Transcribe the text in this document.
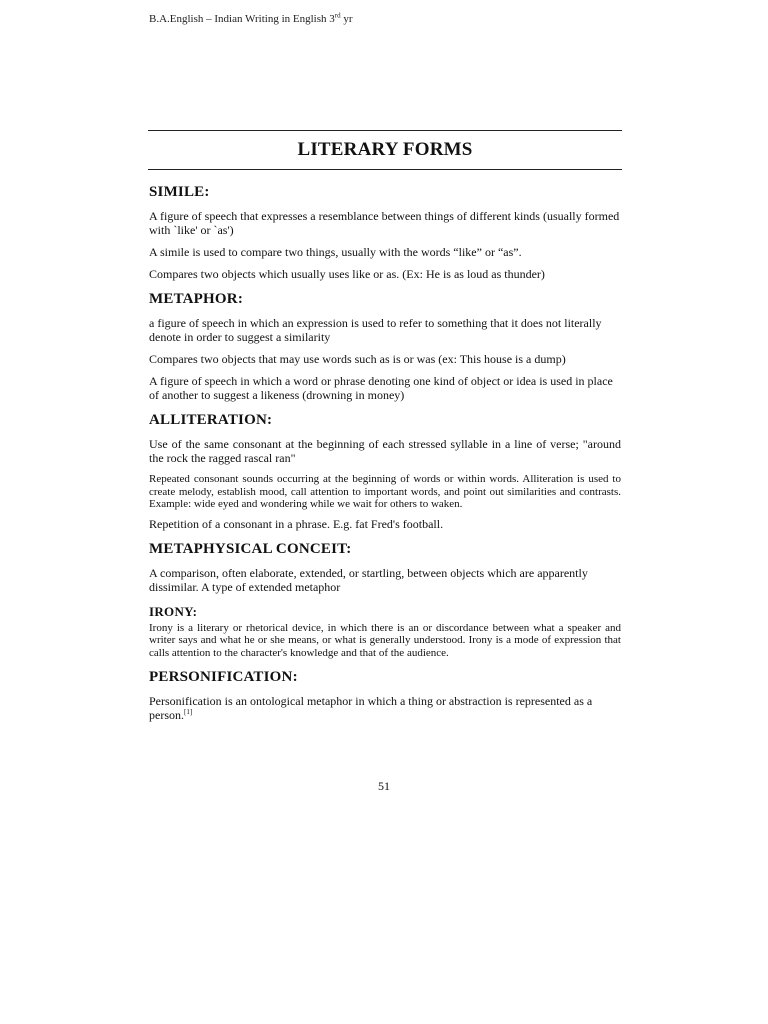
B.A.English – Indian Writing in English 3rd yr
LITERARY FORMS
SIMILE:

A figure of speech that expresses a resemblance between things of different kinds (usually formed with `like' or `as')

A simile is used to compare two things, usually with the words “like” or “as”.

Compares two objects which usually uses like or as. (Ex: He is as loud as thunder)

METAPHOR:

a figure of speech in which an expression is used to refer to something that it does not literally denote in order to suggest a similarity

Compares two objects that may use words such as is or was (ex: This house is a dump)

A figure of speech in which a word or phrase denoting one kind of object or idea is used in place of another to suggest a likeness (drowning in money)

ALLITERATION:

Use of the same consonant at the beginning of each stressed syllable in a line of verse; "around the rock the ragged rascal ran"

Repeated consonant sounds occurring at the beginning of words or within words. Alliteration is used to create melody, establish mood, call attention to important words, and point out similarities and contrasts. Example: wide eyed and wondering while we wait for others to waken.

Repetition of a consonant in a phrase. E.g. fat Fred's football.

METAPHYSICAL CONCEIT:

A comparison, often elaborate, extended, or startling, between objects which are apparently dissimilar. A type of extended metaphor

IRONY:

Irony is a literary or rhetorical device, in which there is an or discordance between what a speaker and writer says and what he or she means, or what is generally understood. Irony is a mode of expression that calls attention to the character's knowledge and that of the audience.

PERSONIFICATION:

Personification is an ontological metaphor in which a thing or abstraction is represented as a person.[1]

51
